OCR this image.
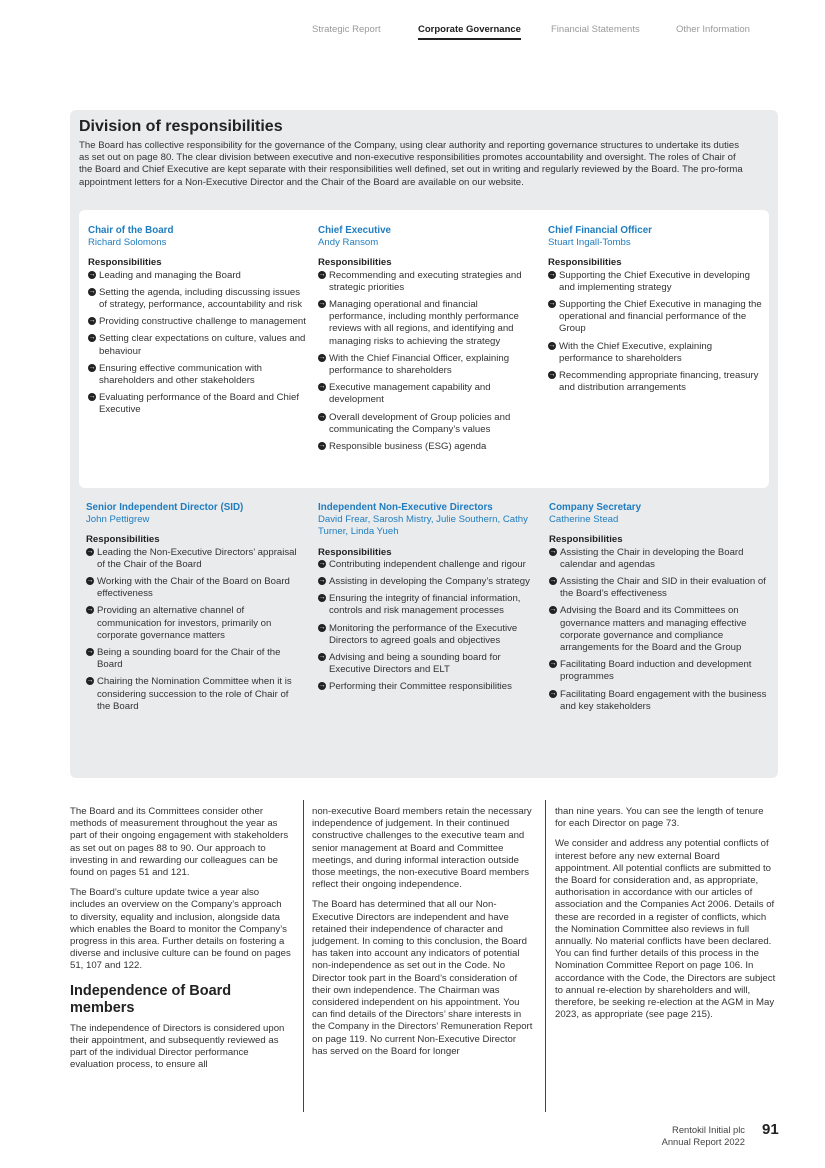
Strategic Report	Corporate Governance	Financial Statements	Other Information
Division of responsibilities
The Board has collective responsibility for the governance of the Company, using clear authority and reporting governance structures to undertake its duties as set out on page 80. The clear division between executive and non-executive responsibilities promotes accountability and oversight. The roles of Chair of the Board and Chief Executive are kept separate with their responsibilities well defined, set out in writing and regularly reviewed by the Board. The pro-forma appointment letters for a Non-Executive Director and the Chair of the Board are available on our website.
Chair of the Board
Richard Solomons
Responsibilities
→ Leading and managing the Board
→ Setting the agenda, including discussing issues of strategy, performance, accountability and risk
→ Providing constructive challenge to management
→ Setting clear expectations on culture, values and behaviour
→ Ensuring effective communication with shareholders and other stakeholders
→ Evaluating performance of the Board and Chief Executive
Chief Executive
Andy Ransom
Responsibilities
→ Recommending and executing strategies and strategic priorities
→ Managing operational and financial performance, including monthly performance reviews with all regions, and identifying and managing risks to achieving the strategy
→ With the Chief Financial Officer, explaining performance to shareholders
→ Executive management capability and development
→ Overall development of Group policies and communicating the Company’s values
→ Responsible business (ESG) agenda
Chief Financial Officer
Stuart Ingall-Tombs
Responsibilities
→ Supporting the Chief Executive in developing and implementing strategy
→ Supporting the Chief Executive in managing the operational and financial performance of the Group
→ With the Chief Executive, explaining performance to shareholders
→ Recommending appropriate financing, treasury and distribution arrangements
Senior Independent Director (SID)
John Pettigrew
Responsibilities
→ Leading the Non-Executive Directors’ appraisal of the Chair of the Board
→ Working with the Chair of the Board on Board effectiveness
→ Providing an alternative channel of communication for investors, primarily on corporate governance matters
→ Being a sounding board for the Chair of the Board
→ Chairing the Nomination Committee when it is considering succession to the role of Chair of the Board
Independent Non-Executive Directors
David Frear, Sarosh Mistry, Julie Southern, Cathy Turner, Linda Yueh
Responsibilities
→ Contributing independent challenge and rigour
→ Assisting in developing the Company’s strategy
→ Ensuring the integrity of financial information, controls and risk management processes
→ Monitoring the performance of the Executive Directors to agreed goals and objectives
→ Advising and being a sounding board for Executive Directors and ELT
→ Performing their Committee responsibilities
Company Secretary
Catherine Stead
Responsibilities
→ Assisting the Chair in developing the Board calendar and agendas
→ Assisting the Chair and SID in their evaluation of the Board’s effectiveness
→ Advising the Board and its Committees on governance matters and managing effective corporate governance and compliance arrangements for the Board and the Group
→ Facilitating Board induction and development programmes
→ Facilitating Board engagement with the business and key stakeholders

The Board and its Committees consider other methods of measurement throughout the year as part of their ongoing engagement with stakeholders as set out on pages 88 to 90. Our approach to investing in and rewarding our colleagues can be found on pages 51 and 121.

The Board’s culture update twice a year also includes an overview on the Company’s approach to diversity, equality and inclusion, alongside data which enables the Board to monitor the Company’s progress in this area. Further details on fostering a diverse and inclusive culture can be found on pages 51, 107 and 122.

Independence of Board members

The independence of Directors is considered upon their appointment, and subsequently reviewed as part of the individual Director performance evaluation process, to ensure all

non-executive Board members retain the necessary independence of judgement. In their continued constructive challenges to the executive team and senior management at Board and Committee meetings, and during informal interaction outside those meetings, the non-executive Board members reflect their ongoing independence.

The Board has determined that all our Non-Executive Directors are independent and have retained their independence of character and judgement. In coming to this conclusion, the Board has taken into account any indicators of potential non-independence as set out in the Code. No Director took part in the Board’s consideration of their own independence. The Chairman was considered independent on his appointment. You can find details of the Directors’ share interests in the Company in the Directors’ Remuneration Report on page 119. No current Non-Executive Director has served on the Board for longer

than nine years. You can see the length of tenure for each Director on page 73.

We consider and address any potential conflicts of interest before any new external Board appointment. All potential conflicts are submitted to the Board for consideration and, as appropriate, authorisation in accordance with our articles of association and the Companies Act 2006. Details of these are recorded in a register of conflicts, which the Nomination Committee also reviews in full annually. No material conflicts have been declared. You can find further details of this process in the Nomination Committee Report on page 106. In accordance with the Code, the Directors are subject to annual re-election by shareholders and will, therefore, be seeking re-election at the AGM in May 2023, as appropriate (see page 215).

Rentokil Initial plc
Annual Report 2022
91
